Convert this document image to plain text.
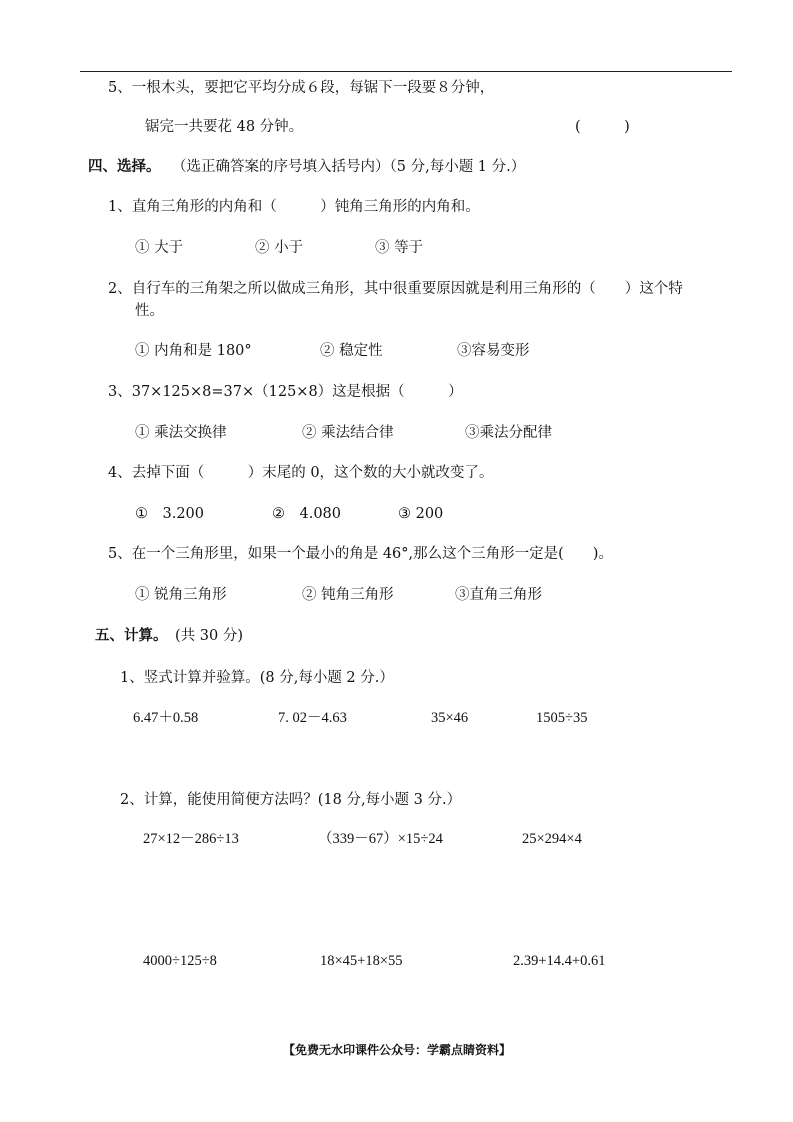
5、一根木头，要把它平均分成６段，每锯下一段要８分钟，
锯完一共要花 48 分钟。	(　　　)
四、选择。 （选正确答案的序号填入括号内）（5 分,每小题 1 分.）
1、直角三角形的内角和（　　　）钝角三角形的内角和。
① 大于	② 小于	③ 等于
2、自行车的三角架之所以做成三角形，其中很重要原因就是利用三角形的（　　）这个特
性。
① 内角和是 180°	② 稳定性	③容易变形
3、37×125×8=37×（125×8）这是根据（　　　）
① 乘法交换律	② 乘法结合律	③乘法分配律
4、去掉下面（　　　）末尾的 0，这个数的大小就改变了。
①　3.200	②　4.080	③ 200
5、在一个三角形里，如果一个最小的角是 46°,那么这个三角形一定是(　　)。
① 锐角三角形	② 钝角三角形	③直角三角形
五、计算。 (共 30 分)
1、竖式计算并验算。(8 分,每小题 2 分.）
6.47＋0.58	7. 02－4.63	35×46	1505÷35
2、计算，能使用简便方法吗？(18 分,每小题 3 分.）
27×12－286÷13	（339－67）×15÷24	25×294×4
4000÷125÷8	18×45+18×55	2.39+14.4+0.61
【免费无水印课件公众号：学霸点睛资料】
